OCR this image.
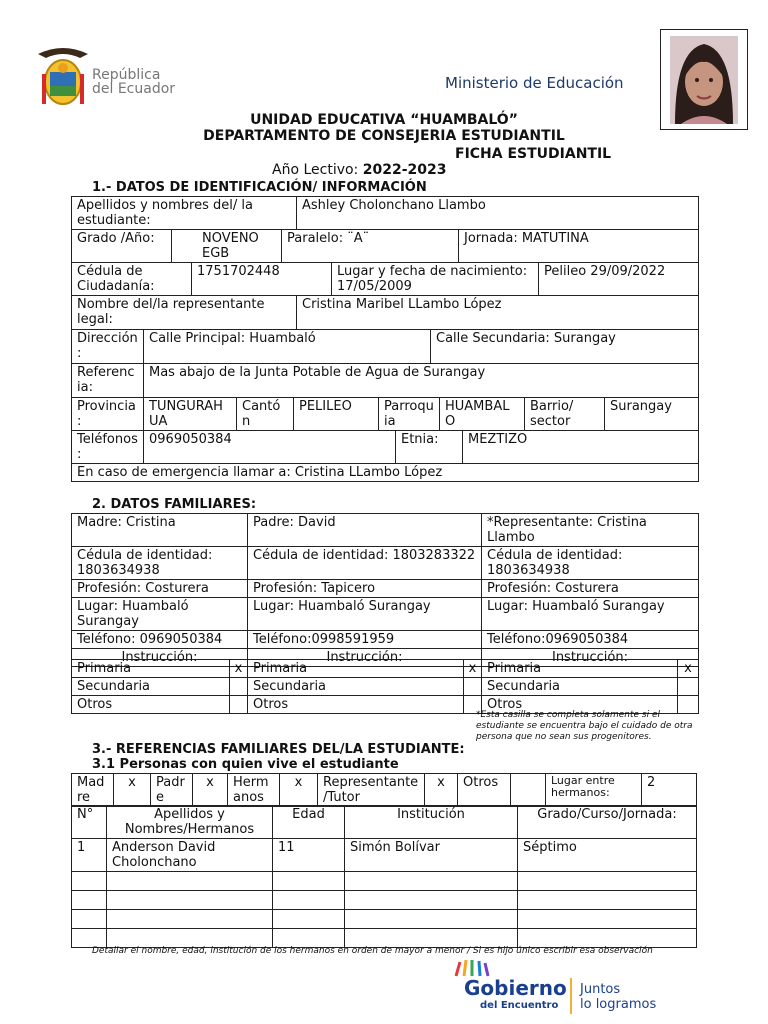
República
del Ecuador	Ministerio de Educación
UNIDAD EDUCATIVA “HUAMBALÓ”
DEPARTAMENTO DE CONSEJERIA ESTUDIANTIL
FICHA ESTUDIANTIL
Año Lectivo: 2022-2023
1.- DATOS DE IDENTIFICACIÓN/ INFORMACIÓN
Apellidos y nombres del/ la estudiante:	Ashley Cholonchano Llambo
Grado /Año:	NOVENO EGB	Paralelo: ¨A¨	Jornada: MATUTINA
Cédula de Ciudadanía:	1751702448	Lugar y fecha de nacimiento: 17/05/2009	Pelileo 29/09/2022
Nombre del/la representante legal:	Cristina Maribel LLambo López
Dirección:	Calle Principal: Huambaló	Calle Secundaria: Surangay
Referencia:	Mas abajo de la Junta Potable de Agua de Surangay
Provincia:	TUNGURAHUA	Cantón	PELILEO	Parroquia	HUAMBALO	Barrio/ sector	Surangay
Teléfonos:	0969050384	Etnia:	MEZTIZO
En caso de emergencia llamar a: Cristina LLambo López
2. DATOS FAMILIARES:
Madre: Cristina	Padre: David	*Representante: Cristina Llambo
Cédula de identidad: 1803634938	Cédula de identidad: 1803283322	Cédula de identidad: 1803634938
Profesión: Costurera	Profesión: Tapicero	Profesión: Costurera
Lugar: Huambaló Surangay	Lugar: Huambaló Surangay	Lugar: Huambaló Surangay
Teléfono: 0969050384	Teléfono:0998591959	Teléfono:0969050384
Instrucción:	Instrucción:	Instrucción:
Primaria	x	Primaria	x	Primaria	x
Secundaria		Secundaria		Secundaria	
Otros		Otros		Otros	
*Esta casilla se completa solamente si el estudiante se encuentra bajo el cuidado de otra persona que no sean sus progenitores.
3.- REFERENCIAS FAMILIARES DEL/LA ESTUDIANTE:
3.1 Personas con quien vive el estudiante
Madre	x	Padre	x	Hermanos	x	Representante/Tutor	x	Otros		Lugar entre hermanos:	2
N°	Apellidos y Nombres/Hermanos	Edad	Institución	Grado/Curso/Jornada:
1	Anderson David Cholonchano	11	Simón Bolívar	Séptimo

Detallar el nombre, edad, institución de los hermanos en orden de mayor a menor / Si es hijo único escribir esa observación
Gobierno
del Encuentro
Juntos
lo logramos
